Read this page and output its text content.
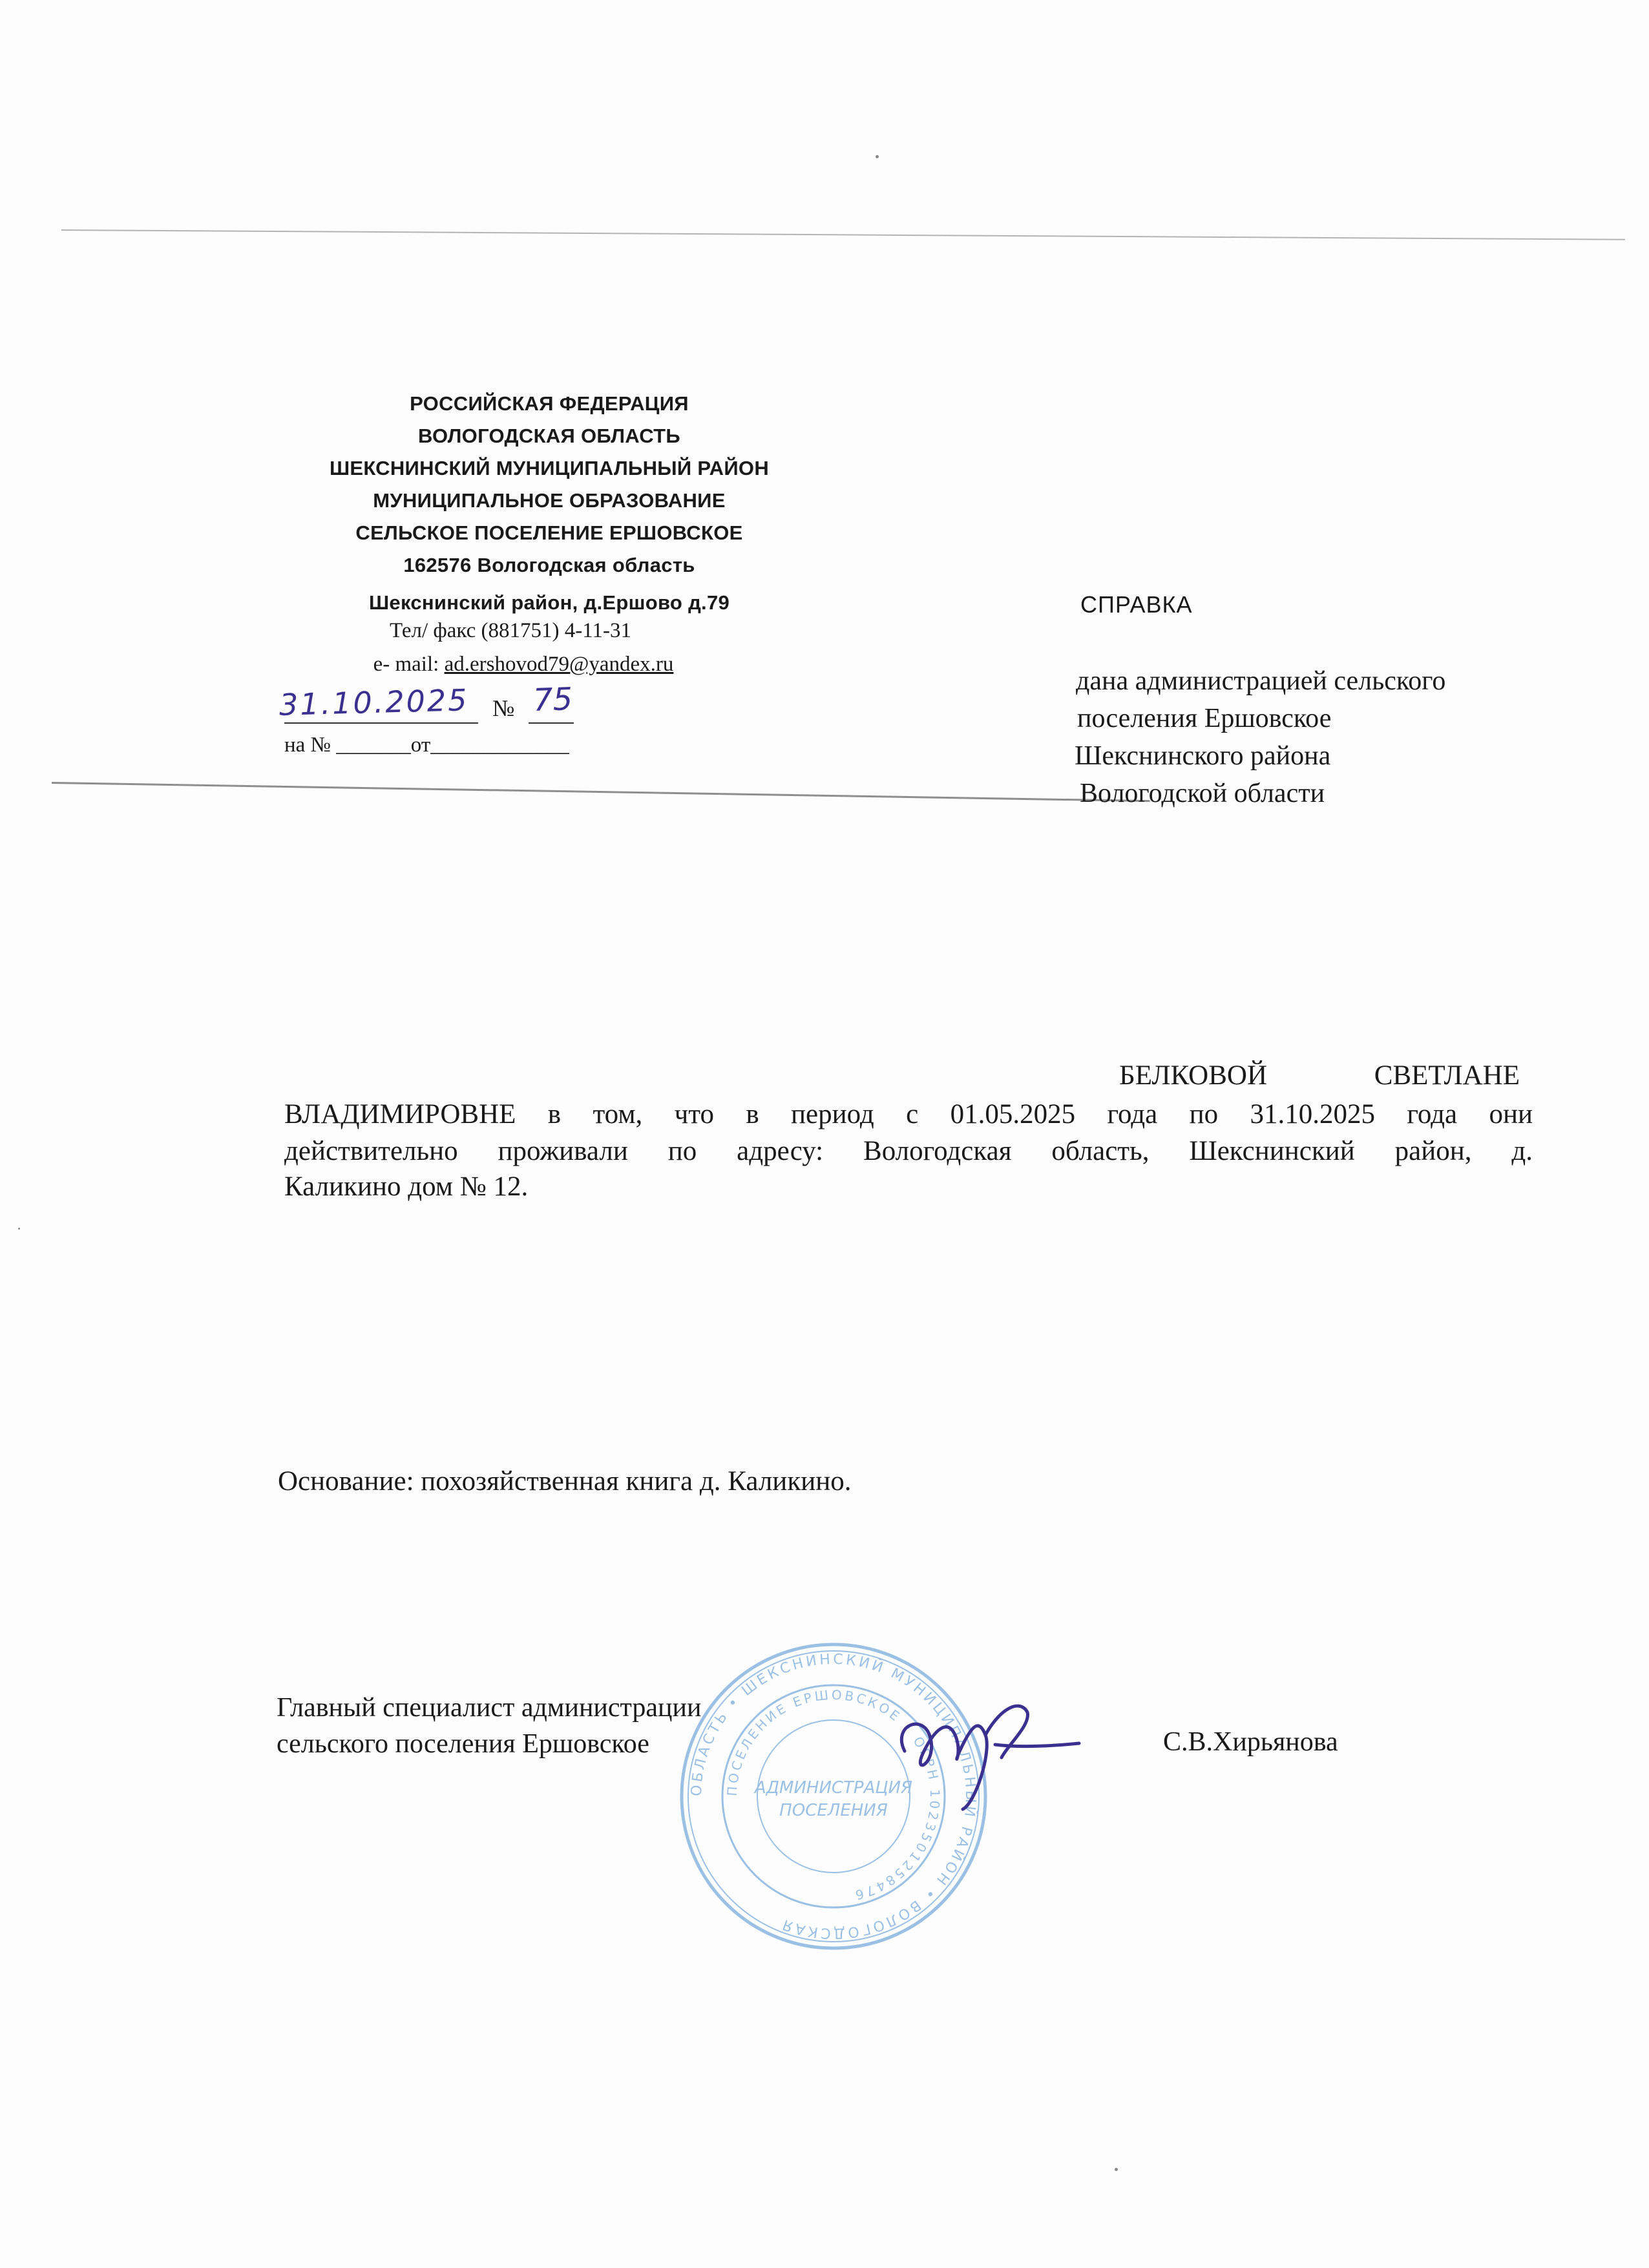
РОССИЙСКАЯ ФЕДЕРАЦИЯ
ВОЛОГОДСКАЯ ОБЛАСТЬ
ШЕКСНИНСКИЙ МУНИЦИПАЛЬНЫЙ РАЙОН
МУНИЦИПАЛЬНОЕ ОБРАЗОВАНИЕ
СЕЛЬСКОЕ ПОСЕЛЕНИЕ ЕРШОВСКОЕ
162576 Вологодская область
Шекснинский район, д.Ершово д.79
Тел/ факс (881751) 4-11-31
е- mail: ad.ershovod79@yandex.ru
31.10.2025 № 75
на № _______от_____________
СПРАВКА
дана администрацией сельского
поселения Ершовское
Шекснинского района
Вологодской области
БЕЛКОВОЙ	СВЕТЛАНЕ
ВЛАДИМИРОВНЕ в том, что в период с 01.05.2025 года по 31.10.2025 года они
действительно проживали по адресу: Вологодская область, Шекснинский район, д.
Каликино дом № 12.
Основание: похозяйственная книга д. Каликино.
ОБЛАСТЬ • ШЕКСНИНСКИЙ МУНИЦИПАЛЬНЫЙ РАЙОН • ВОЛОГОДСКАЯ
ПОСЕЛЕНИЕ ЕРШОВСКОЕ • ОГРН 1023501258476
АДМИНИСТРАЦИЯ
ПОСЕЛЕНИЯ
Главный специалист администрации
сельского поселения Ершовское	С.В.Хирьянова
